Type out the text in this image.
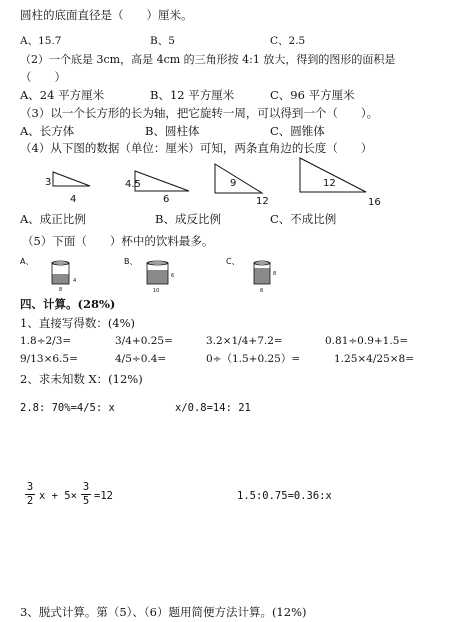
圆柱的底面直径是（　　）厘米。
A、15.7	B、5	C、2.5
（2）一个底是 3cm，高是 4cm 的三角形按 4:1 放大，得到的图形的面积是
（　　）
A、24 平方厘米	B、12 平方厘米	C、96 平方厘米
（3）以一个长方形的长为轴，把它旋转一周，可以得到一个（　　）。
A、长方体	B、圆柱体	C、圆锥体
（4）从下图的数据（单位：厘米）可知，两条直角边的长度（　　）
3
4
4.5
6
9
12
12
16
A、成正比例	B、成反比例	C、不成比例
（5）下面（　　）杯中的饮料最多。
A、
4
8
B、
6
10
C、
8
8
四、计算。(28%)
1、直接写得数：(4%)
1.8÷2/3=	3/4+0.25=	3.2×1/4+7.2=	0.81÷0.9+1.5=
9/13×6.5=	4/5÷0.4=	0÷（1.5+0.25）=	1.25×4/25×8=
2、求未知数 X：(12%)
2.8: 70%=4/5: x	x/0.8=14: 21
3
2 x + 5×
3
5 =12	1.5:0.75=0.36:x
3、脱式计算。第（5）、（6）题用简便方法计算。(12%)
